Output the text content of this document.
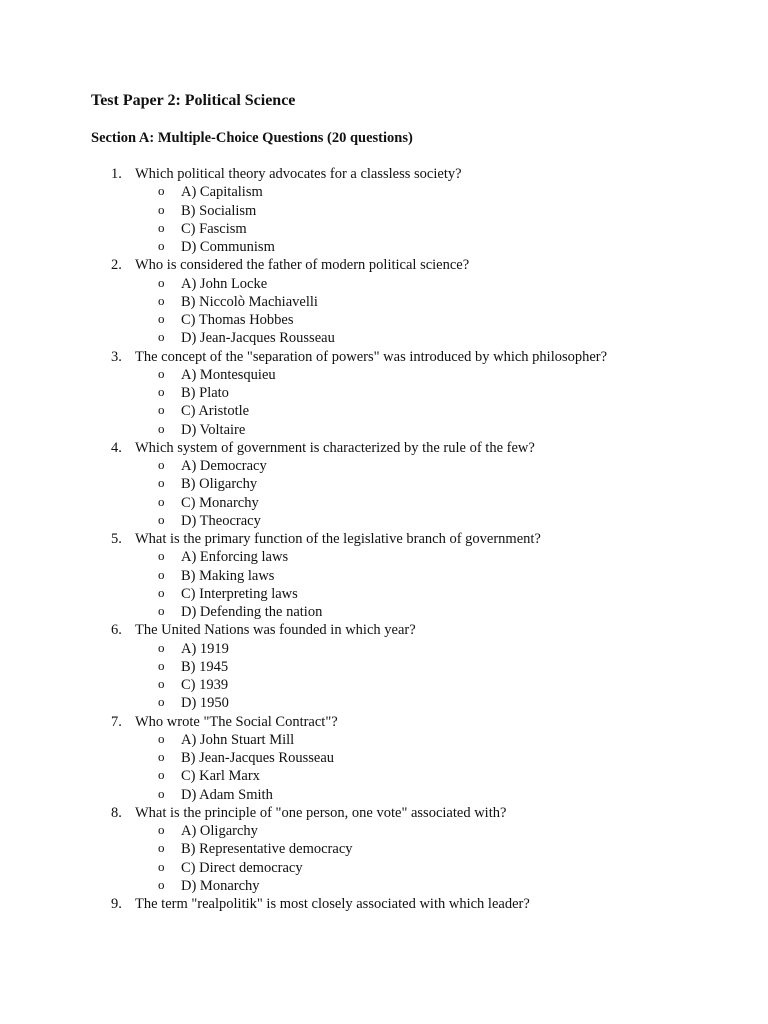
Test Paper 2: Political Science
Section A: Multiple-Choice Questions (20 questions)
1. Which political theory advocates for a classless society?
o A) Capitalism
o B) Socialism
o C) Fascism
o D) Communism
2. Who is considered the father of modern political science?
o A) John Locke
o B) Niccolò Machiavelli
o C) Thomas Hobbes
o D) Jean-Jacques Rousseau
3. The concept of the "separation of powers" was introduced by which philosopher?
o A) Montesquieu
o B) Plato
o C) Aristotle
o D) Voltaire
4. Which system of government is characterized by the rule of the few?
o A) Democracy
o B) Oligarchy
o C) Monarchy
o D) Theocracy
5. What is the primary function of the legislative branch of government?
o A) Enforcing laws
o B) Making laws
o C) Interpreting laws
o D) Defending the nation
6. The United Nations was founded in which year?
o A) 1919
o B) 1945
o C) 1939
o D) 1950
7. Who wrote "The Social Contract"?
o A) John Stuart Mill
o B) Jean-Jacques Rousseau
o C) Karl Marx
o D) Adam Smith
8. What is the principle of "one person, one vote" associated with?
o A) Oligarchy
o B) Representative democracy
o C) Direct democracy
o D) Monarchy
9. The term "realpolitik" is most closely associated with which leader?
